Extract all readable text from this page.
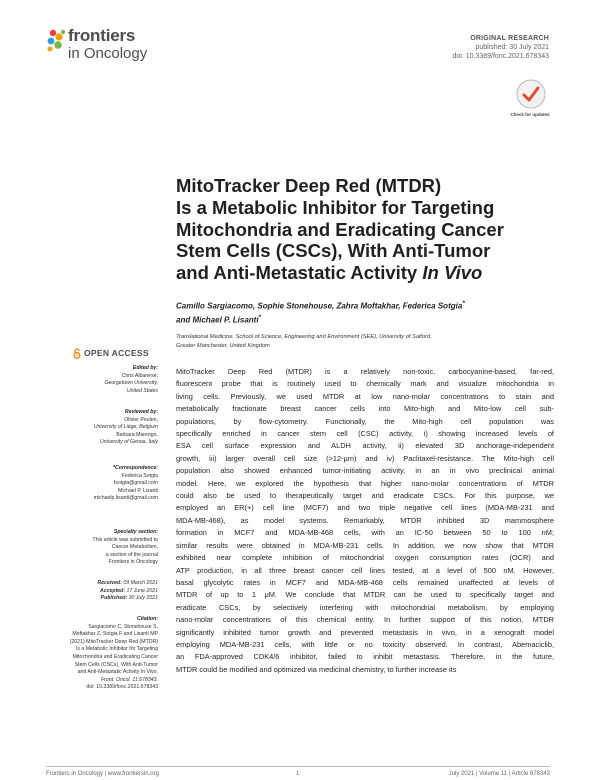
frontiers
in Oncology
ORIGINAL RESEARCH
published: 30 July 2021
doi: 10.3389/fonc.2021.678343
Check for updates
MitoTracker Deep Red (MTDR)
Is a Metabolic Inhibitor for Targeting
Mitochondria and Eradicating Cancer
Stem Cells (CSCs), With Anti-Tumor
and Anti-Metastatic Activity In Vivo
Camillo Sargiacomo, Sophie Stonehouse, Zahra Moftakhar, Federica Sotgia*
and Michael P. Lisanti*
Translational Medicine, School of Science, Engineering and Environment (SEE), University of Salford,
Greater Manchester, United Kingdom
OPEN ACCESS
Edited by:
Chris Albanese,
Georgetown University,
United States
Reviewed by:
Olivier Peulen,
University of Liège, Belgium
Barbara Marengo,
University of Genoa, Italy
*Correspondence:
Federica Sotgia
fsotgia@gmail.com
Michael P. Lisanti
michaelp.lisanti@gmail.com
Specialty section:
This article was submitted to
Cancer Metabolism,
a section of the journal
Frontiers in Oncology
Received: 09 March 2021
Accepted: 17 June 2021
Published: 30 July 2021
Citation:
Sargiacomo C, Stonehouse S,
Moftakhar Z, Sotgia F and Lisanti MP
(2021) MitoTracker Deep Red (MTDR)
Is a Metabolic Inhibitor for Targeting
Mitochondria and Eradicating Cancer
Stem Cells (CSCs), With Anti-Tumor
and Anti-Metastatic Activity In Vivo.
Front. Oncol. 11:678343.
doi: 10.3389/fonc.2021.678343
MitoTracker Deep Red (MTDR) is a relatively non-toxic, carbocyanine-based, far-red,
fluorescent probe that is routinely used to chemically mark and visualize mitochondria in
living cells. Previously, we used MTDR at low nano-molar concentrations to stain and
metabolically fractionate breast cancer cells into Mito-high and Mito-low cell sub-
populations, by flow-cytometry. Functionally, the Mito-high cell population was
specifically enriched in cancer stem cell (CSC) activity, i) showing increased levels of
ESA cell surface expression and ALDH activity, ii) elevated 3D anchorage-independent
growth, iii) larger overall cell size (>12-μm) and iv) Paclitaxel-resistance. The Mito-high cell
population also showed enhanced tumor-initiating activity, in an in vivo preclinical animal
model. Here, we explored the hypothesis that higher nano-molar concentrations of MTDR
could also be used to therapeutically target and eradicate CSCs. For this purpose, we
employed an ER(+) cell line (MCF7) and two triple negative cell lines (MDA-MB-231 and
MDA-MB-468), as model systems. Remarkably, MTDR inhibited 3D mammosphere
formation in MCF7 and MDA-MB-468 cells, with an IC-50 between 50 to 100 nM;
similar results were obtained in MDA-MB-231 cells. In addition, we now show that MTDR
exhibited near complete inhibition of mitochondrial oxygen consumption rates (OCR) and
ATP production, in all three breast cancer cell lines tested, at a level of 500 nM. However,
basal glycolytic rates in MCF7 and MDA-MB-468 cells remained unaffected at levels of
MTDR of up to 1 μM. We conclude that MTDR can be used to specifically target and
eradicate CSCs, by selectively interfering with mitochondrial metabolism, by employing
nano-molar concentrations of this chemical entity. In further support of this notion, MTDR
significantly inhibited tumor growth and prevented metastasis in vivo, in a xenograft model
employing MDA-MB-231 cells, with little or no toxicity observed. In contrast, Abemaciclib,
an FDA-approved CDK4/6 inhibitor, failed to inhibit metastasis. Therefore, in the future,
MTDR could be modified and optimized via medicinal chemistry, to further increase its
Frontiers in Oncology | www.frontiersin.org	1	July 2021 | Volume 11 | Article 678343
